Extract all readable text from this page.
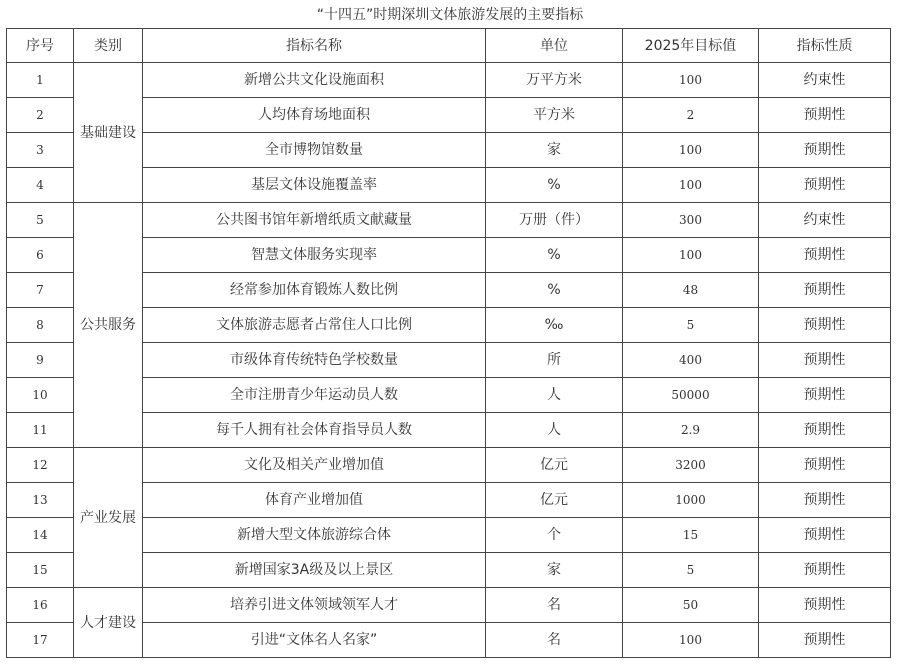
“十四五”时期深圳文体旅游发展的主要指标
序号	类别	指标名称	单位	2025年目标值	指标性质
1	基础建设	新增公共文化设施面积	万平方米	100	约束性
2		人均体育场地面积	平方米	2	预期性
3		全市博物馆数量	家	100	预期性
4		基层文体设施覆盖率	%	100	预期性
5	公共服务	公共图书馆年新增纸质文献藏量	万册（件）	300	约束性
6		智慧文体服务实现率	%	100	预期性
7		经常参加体育锻炼人数比例	%	48	预期性
8		文体旅游志愿者占常住人口比例	‰	5	预期性
9		市级体育传统特色学校数量	所	400	预期性
10		全市注册青少年运动员人数	人	50000	预期性
11		每千人拥有社会体育指导员人数	人	2.9	预期性
12	产业发展	文化及相关产业增加值	亿元	3200	预期性
13		体育产业增加值	亿元	1000	预期性
14		新增大型文体旅游综合体	个	15	预期性
15		新增国家3A级及以上景区	家	5	预期性
16	人才建设	培养引进文体领域领军人才	名	50	预期性
17		引进“文体名人名家”	名	100	预期性
